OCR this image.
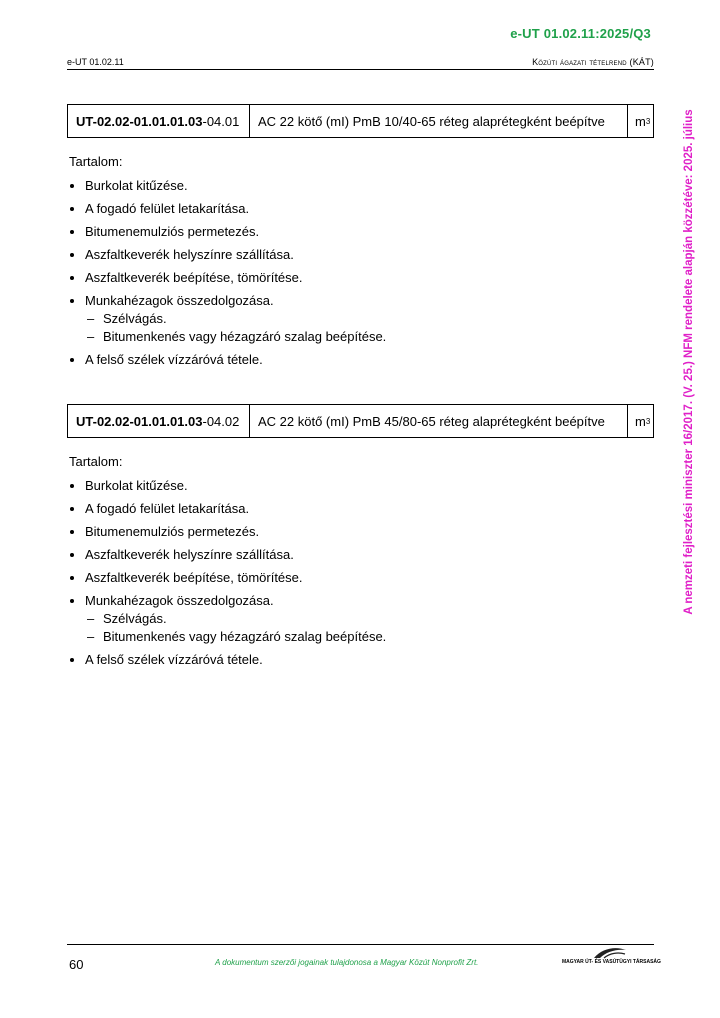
e-UT 01.02.11:2025/Q3
e-UT 01.02.11	Közúti ágazati tételrend (KÁT)
A nemzeti fejlesztési miniszter 16/2017. (V. 25.) NFM rendelete alapján közzétéve: 2025. július
UT-02.02-01.01.01.03 -04.01	AC 22 kötő (mI) PmB 10/40-65 réteg alaprétegként beépítve	m 3
Tartalom:
Burkolat kitűzése.
A fogadó felület letakarítása.
Bitumenemulziós permetezés.
Aszfaltkeverék helyszínre szállítása.
Aszfaltkeverék beépítése, tömörítése.
Munkahézagok összedolgozása.
– Szélvágás.
– Bitumenkenés vagy hézagzáró szalag beépítése.
A felső szélek vízzáróvá tétele.
UT-02.02-01.01.01.03 -04.02	AC 22 kötő (mI) PmB 45/80-65 réteg alaprétegként beépítve	m 3
Tartalom:
Burkolat kitűzése.
A fogadó felület letakarítása.
Bitumenemulziós permetezés.
Aszfaltkeverék helyszínre szállítása.
Aszfaltkeverék beépítése, tömörítése.
Munkahézagok összedolgozása.
– Szélvágás.
– Bitumenkenés vagy hézagzáró szalag beépítése.
A felső szélek vízzáróvá tétele.
60	A dokumentum szerzői jogainak tulajdonosa a Magyar Közút Nonprofit Zrt.	MAGYAR ÚT- ÉS VASÚTÜGYI TÁRSASÁG
